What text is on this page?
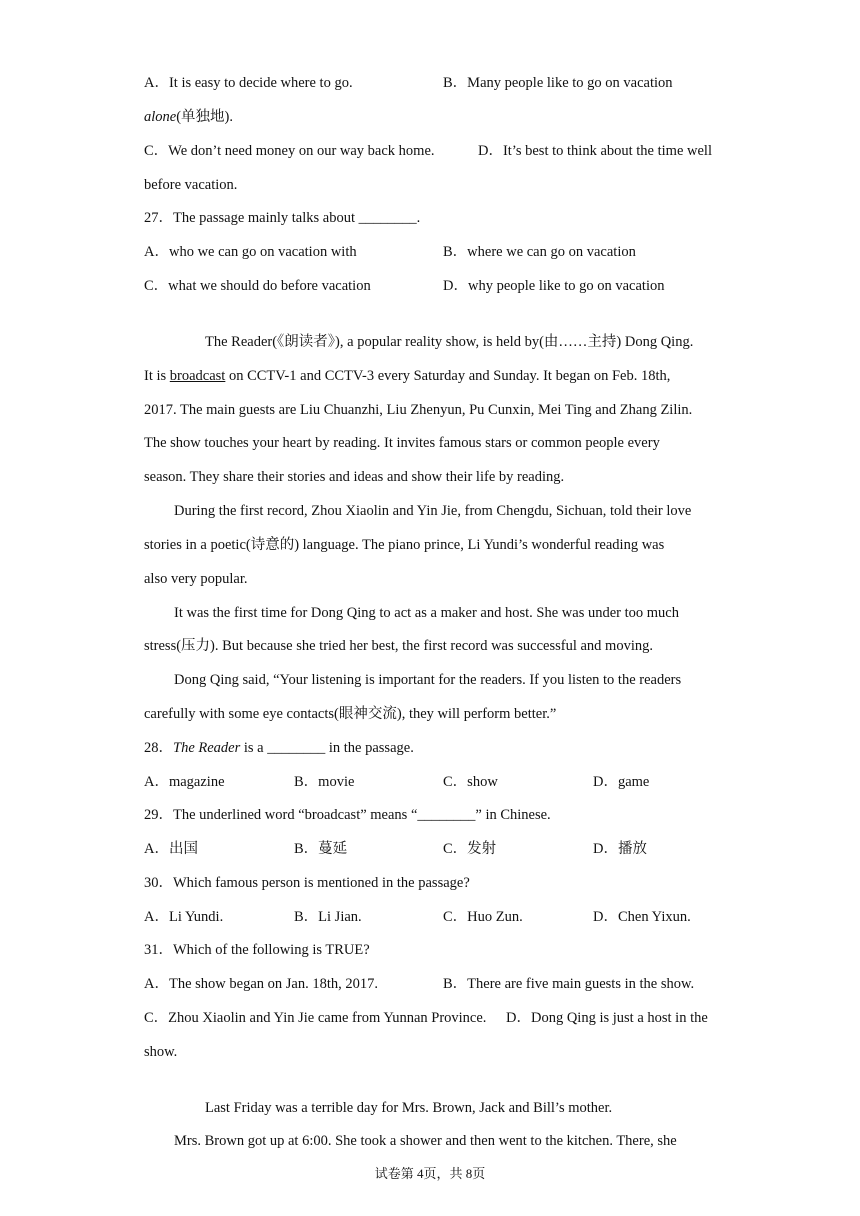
A．It is easy to decide where to go.	B．Many people like to go on vacation
alone(单独地).
C．We don’t need money on our way back home.	D．It’s best to think about the time well
before vacation.
27．The passage mainly talks about ________.
A．who we can go on vacation with	B．where we can go on vacation
C．what we should do before vacation	D．why people like to go on vacation
The Reader(《朗读者》), a popular reality show, is held by(由……主持) Dong Qing.
It is broadcast on CCTV-1 and CCTV-3 every Saturday and Sunday. It began on Feb. 18th,
2017. The main guests are Liu Chuanzhi, Liu Zhenyun, Pu Cunxin, Mei Ting and Zhang Zilin.
The show touches your heart by reading. It invites famous stars or common people every
season. They share their stories and ideas and show their life by reading.
During the first record, Zhou Xiaolin and Yin Jie, from Chengdu, Sichuan, told their love
stories in a poetic(诗意的) language. The piano prince, Li Yundi’s wonderful reading was
also very popular.
It was the first time for Dong Qing to act as a maker and host. She was under too much
stress(压力). But because she tried her best, the first record was successful and moving.
Dong Qing said, “Your listening is important for the readers. If you listen to the readers
carefully with some eye contacts(眼神交流), they will perform better.”
28．The Reader is a ________ in the passage.
A．magazine	B．movie	C．show	D．game
29．The underlined word “broadcast” means “________” in Chinese.
A．出国	B．蔓延	C．发射	D．播放
30．Which famous person is mentioned in the passage?
A．Li Yundi.	B．Li Jian.	C．Huo Zun.	D．Chen Yixun.
31．Which of the following is TRUE?
A．The show began on Jan. 18th, 2017.	B．There are five main guests in the show.
C．Zhou Xiaolin and Yin Jie came from Yunnan Province. D．Dong Qing is just a host in the
show.
Last Friday was a terrible day for Mrs. Brown, Jack and Bill’s mother.
Mrs. Brown got up at 6:00. She took a shower and then went to the kitchen. There, she
试卷第 4页，共 8页
